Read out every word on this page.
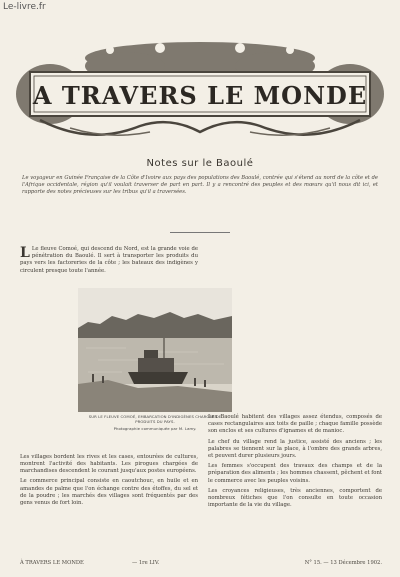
Le-livre.fr
A TRAVERS LE MONDE
Notes sur le Baoulé
Le voyageur en Guinée Française de la Côte d'Ivoire aux pays des populations des Baoulé, contrée qui s'étend au nord de la côte et de l'Afrique occidentale, région qu'il voulait traverser de part en part. Il y a rencontré des peuples et des mœurs qu'il nous dit ici, et rapporte des notes précieuses sur les tribus qu'il a traversées.

L Le fleuve Comoé, qui descend du Nord, est la grande voie de pénétration du Baoulé. Il sert à transporter les produits du pays vers les factoreries de la côte ; les bateaux des indigènes y circulent presque toute l'année.

Les villages bordent les rives et les cases, entourées de cultures, montrent l'activité des habitants. Les pirogues chargées de marchandises descendent le courant jusqu'aux postes européens.

Le commerce principal consiste en caoutchouc, en huile et en amandes de palme que l'on échange contre des étoffes, du sel et de la poudre ; les marchés des villages sont fréquentés par des gens venus de fort loin.

Les Baoulé habitent des villages assez étendus, composés de cases rectangulaires aux toits de paille ; chaque famille possède son enclos et ses cultures d'ignames et de manioc.

Le chef du village rend la justice, assisté des anciens ; les palabres se tiennent sur la place, à l'ombre des grands arbres, et peuvent durer plusieurs jours.

Les femmes s'occupent des travaux des champs et de la préparation des aliments ; les hommes chassent, pêchent et font le commerce avec les peuples voisins.

Les croyances religieuses, très anciennes, comportent de nombreux fétiches que l'on consulte en toute occasion importante de la vie du village.

SUR LE FLEUVE COMOÉ, EMBARCATION D'INDIGÈNES CHARGÉE DE PRODUITS DU PAYS.
Photographie communiquée par M. Lamy.
À TRAVERS LE MONDE	— 1re LIV.	N° 15. — 13 Décembre 1902.
